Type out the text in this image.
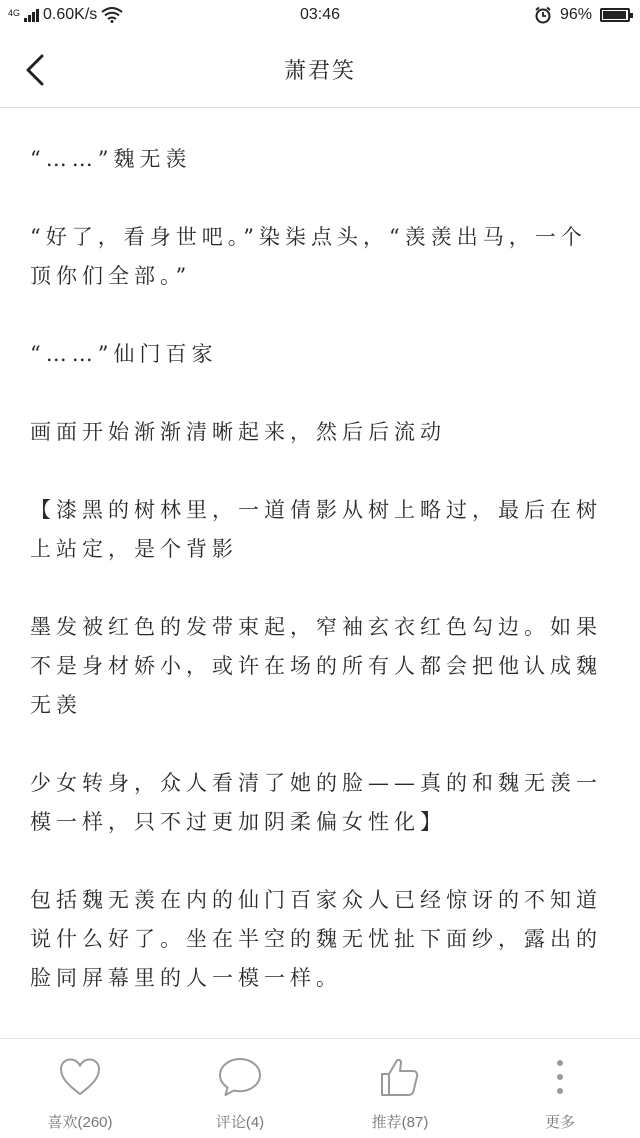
4G 0.60K/s	03:46	96%
萧君笑

“……”魏无羡

“好了，看身世吧。”染柒点头，“羡羡出马，一个顶你们全部。”

“……”仙门百家

画面开始渐渐清晰起来，然后后流动

【漆黑的树林里，一道倩影从树上略过，最后在树上站定，是个背影

墨发被红色的发带束起，窄袖玄衣红色勾边。如果不是身材娇小，或许在场的所有人都会把他认成魏无羡

少女转身，众人看清了她的脸——真的和魏无羡一模一样，只不过更加阴柔偏女性化】

包括魏无羡在内的仙门百家众人已经惊讶的不知道说什么好了。坐在半空的魏无忧扯下面纱，露出的脸同屏幕里的人一模一样。

喜欢(260)	评论(4)	推荐(87)	更多
